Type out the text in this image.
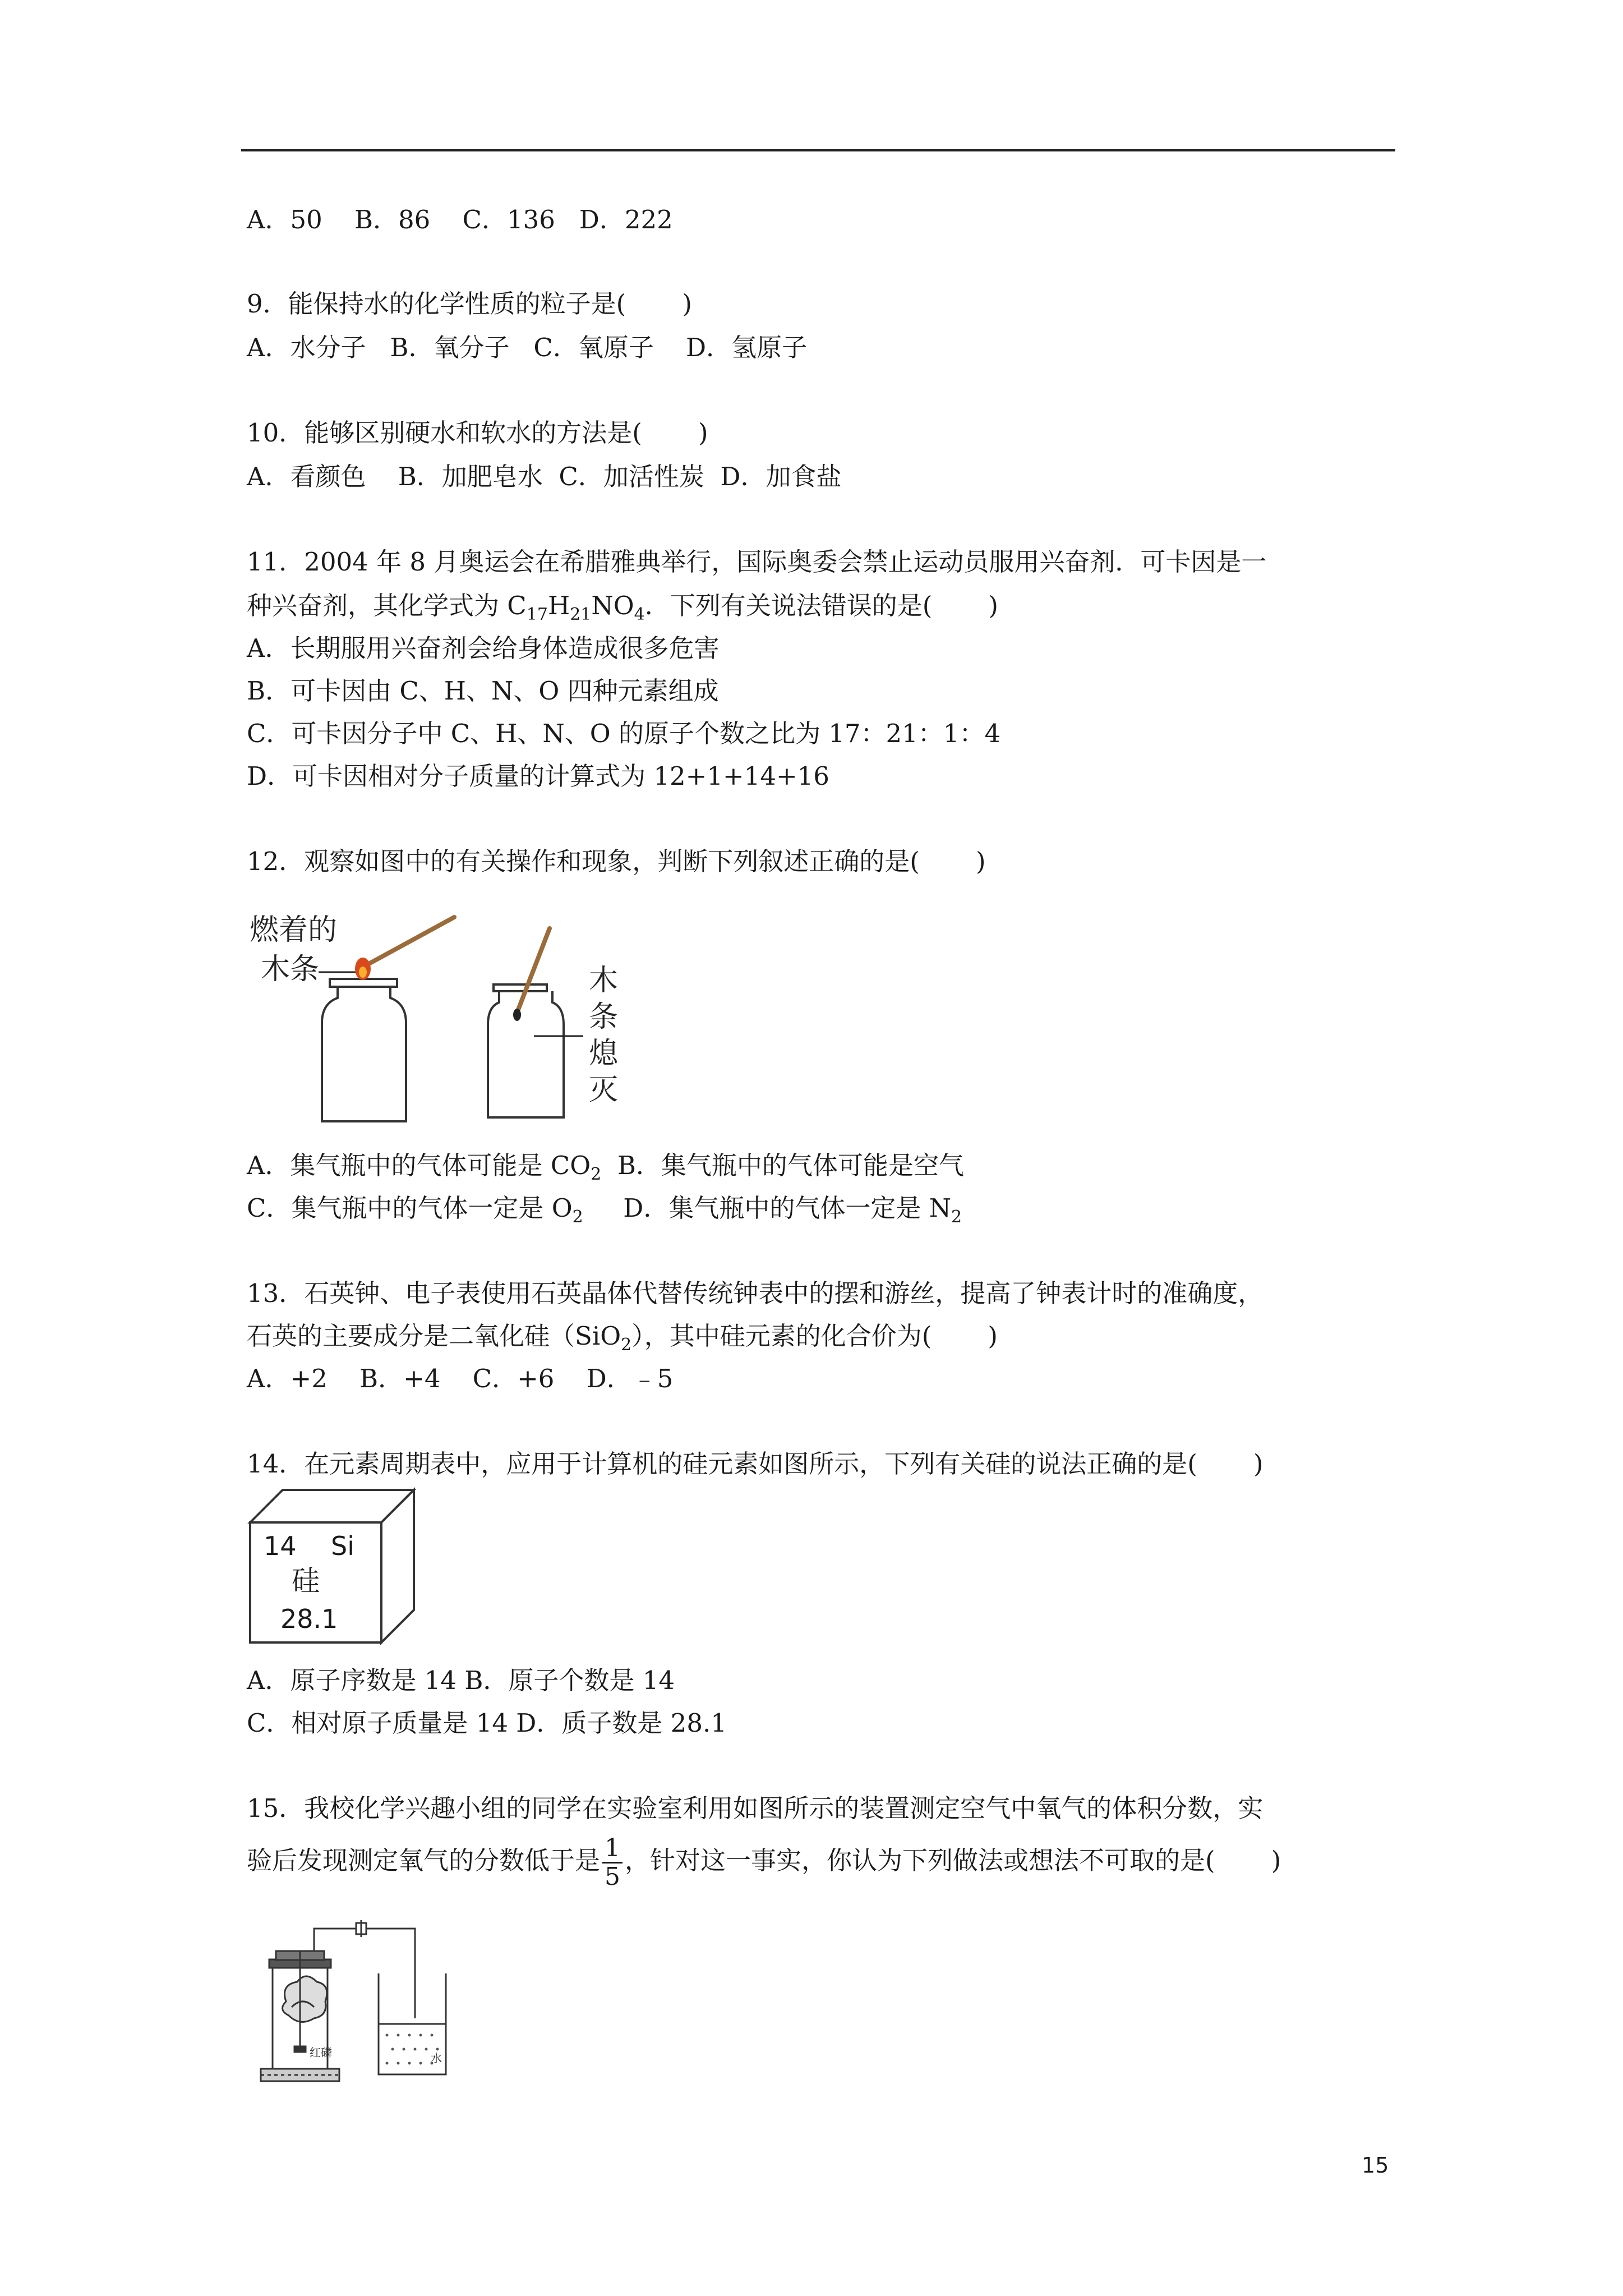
A．50    B．86    C．136   D．222
9．能保持水的化学性质的粒子是(       )
A．水分子   B．氧分子   C．氧原子    D．氢原子
10．能够区别硬水和软水的方法是(       )
A．看颜色    B．加肥皂水  C．加活性炭  D．加食盐
11．2004 年 8 月奥运会在希腊雅典举行，国际奥委会禁止运动员服用兴奋剂．可卡因是一
种兴奋剂，其化学式为 $C_{17}H_{21}NO_4$．下列有关说法错误的是(       )
A．长期服用兴奋剂会给身体造成很多危害
B．可卡因由 C、H、N、O 四种元素组成
C．可卡因分子中 C、H、N、O 的原子个数之比为 17：21：1：4
D．可卡因相对分子质量的计算式为 12+1+14+16
12．观察如图中的有关操作和现象，判断下列叙述正确的是(       )
燃着的
木条	木
条
熄
灭
A．集气瓶中的气体可能是 $CO_2$  B．集气瓶中的气体可能是空气
C．集气瓶中的气体一定是 $O_2$     D．集气瓶中的气体一定是 $N_2$
13．石英钟、电子表使用石英晶体代替传统钟表中的摆和游丝，提高了钟表计时的准确度，
石英的主要成分是二氧化硅（SiO$_2$），其中硅元素的化合价为(       )
A．+2    B．+4    C．+6    D．﹣5
14．在元素周期表中，应用于计算机的硅元素如图所示，下列有关硅的说法正确的是(       )
14 Si
硅
28.1
A．原子序数是 14 B．原子个数是 14
C．相对原子质量是 14 D．质子数是 28.1
15．我校化学兴趣小组的同学在实验室利用如图所示的装置测定空气中氧气的体积分数，实
验后发现测定氧气的分数低于是 $\frac{1}{5}$ ，针对这一事实，你认为下列做法或想法不可取的是(       )
红磷	水
15
